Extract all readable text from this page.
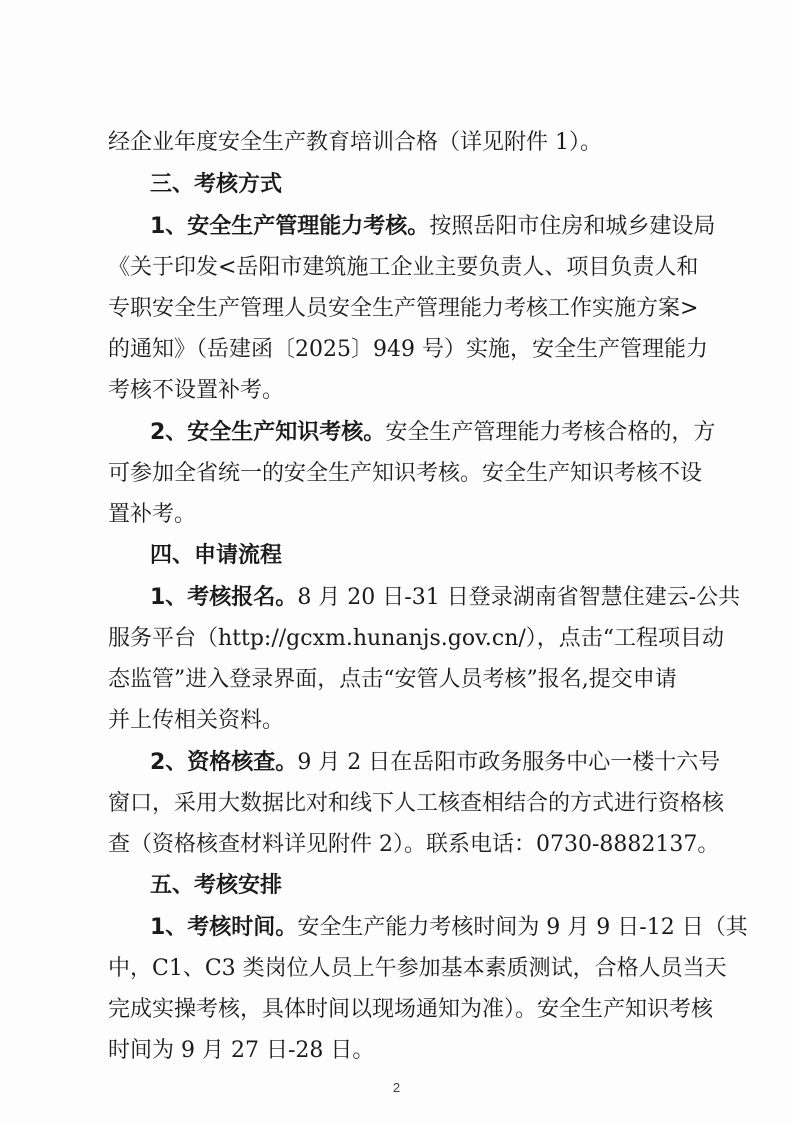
经企业年度安全生产教育培训合格（详见附件 1）。
三、考核方式
1、安全生产管理能力考核。按照岳阳市住房和城乡建设局
《关于印发<岳阳市建筑施工企业主要负责人、项目负责人和
专职安全生产管理人员安全生产管理能力考核工作实施方案>
的通知》（岳建函〔2025〕949 号）实施，安全生产管理能力
考核不设置补考。
2、安全生产知识考核。安全生产管理能力考核合格的，方
可参加全省统一的安全生产知识考核。安全生产知识考核不设
置补考。
四、申请流程
1、考核报名。8 月 20 日-31 日登录湖南省智慧住建云-公共
服务平台（http://gcxm.hunanjs.gov.cn/），点击“工程项目动
态监管”进入登录界面，点击“安管人员考核”报名,提交申请
并上传相关资料。
2、资格核查。9 月 2 日在岳阳市政务服务中心一楼十六号
窗口，采用大数据比对和线下人工核查相结合的方式进行资格核
查（资格核查材料详见附件 2）。联系电话：0730-8882137。
五、考核安排
1、考核时间。安全生产能力考核时间为 9 月 9 日-12 日（其
中，C1、C3 类岗位人员上午参加基本素质测试，合格人员当天
完成实操考核，具体时间以现场通知为准）。安全生产知识考核
时间为 9 月 27 日-28 日。
2
